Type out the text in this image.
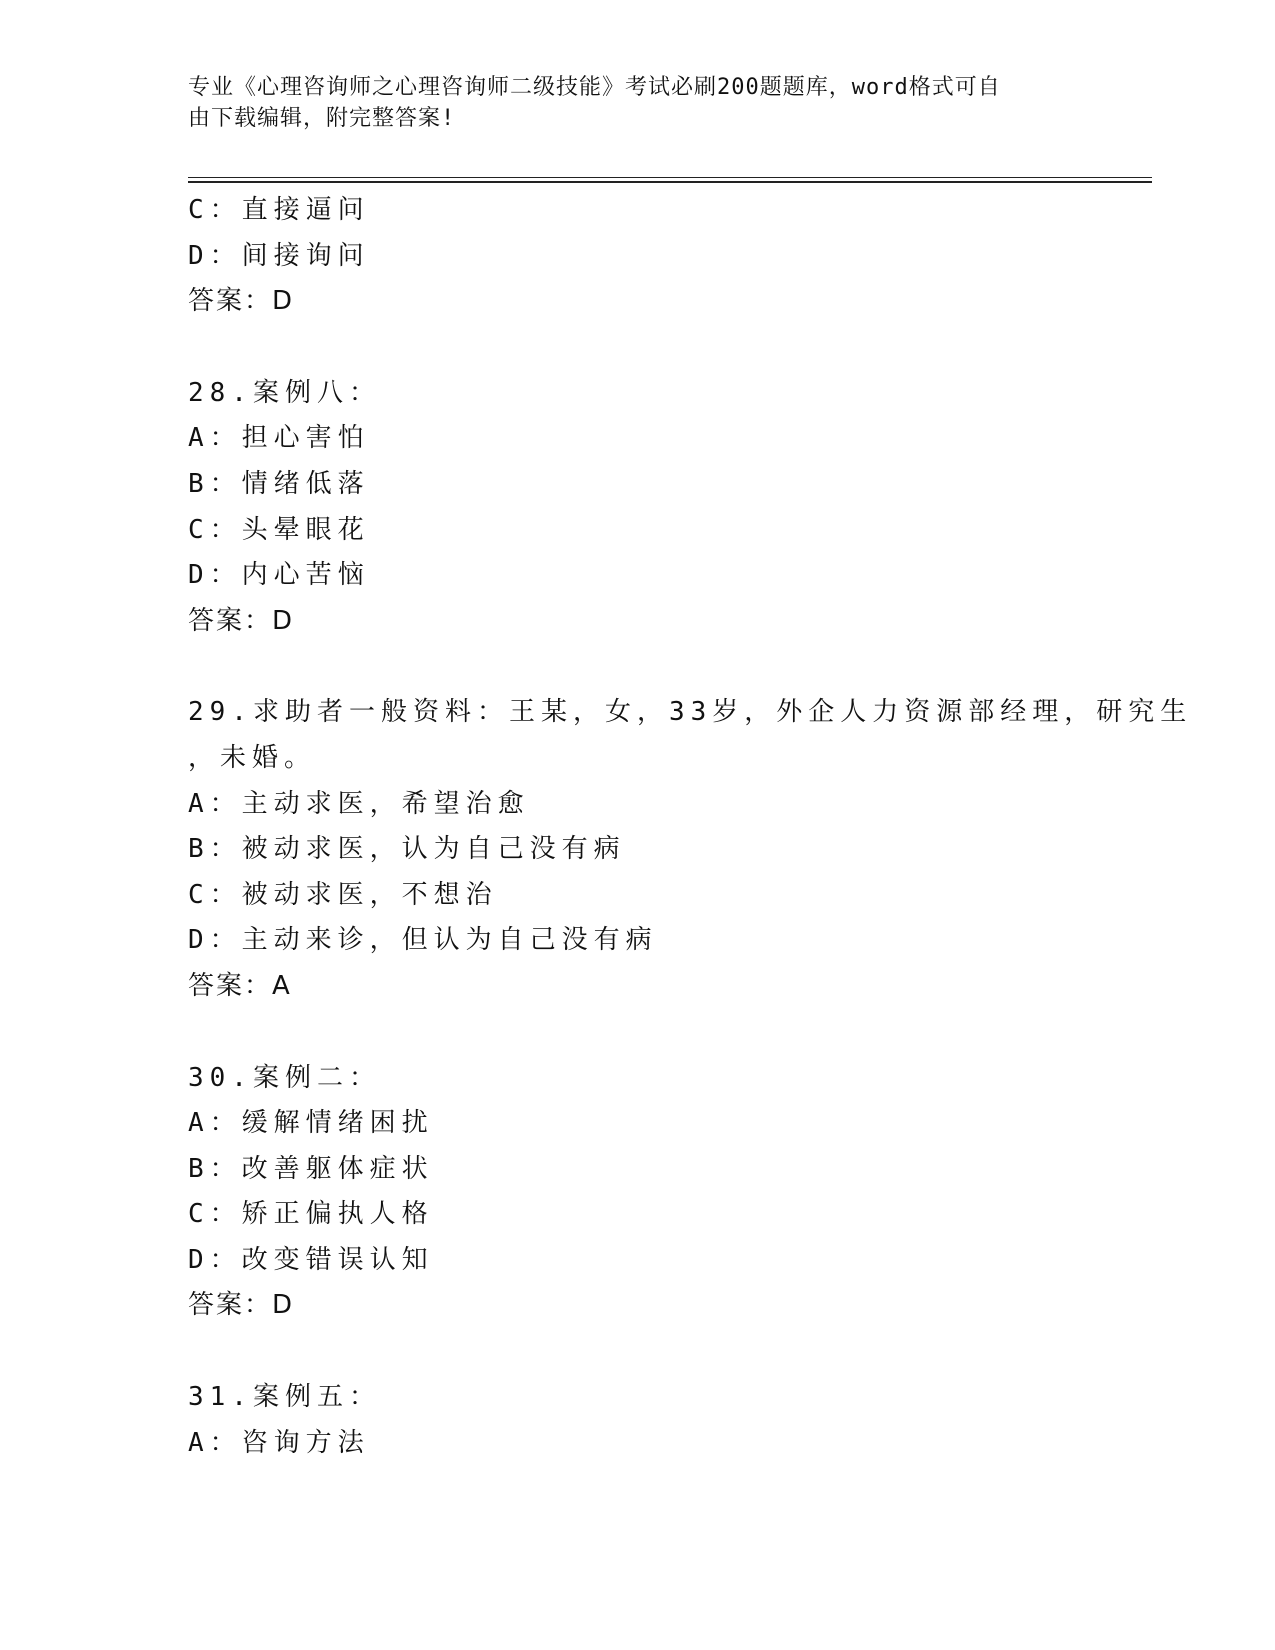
专业《心理咨询师之心理咨询师二级技能》考试必刷200题题库，word格式可自
由下载编辑，附完整答案!
C：直接逼问
D：间接询问
答案：D
28.案例八：
A：担心害怕
B：情绪低落
C：头晕眼花
D：内心苦恼
答案：D
29.求助者一般资料：王某，女，33岁，外企人力资源部经理，研究生
，未婚。
A：主动求医，希望治愈
B：被动求医，认为自己没有病
C：被动求医，不想治
D：主动来诊，但认为自己没有病
答案：A
30.案例二：
A：缓解情绪困扰
B：改善躯体症状
C：矫正偏执人格
D：改变错误认知
答案：D
31.案例五：
A：咨询方法
